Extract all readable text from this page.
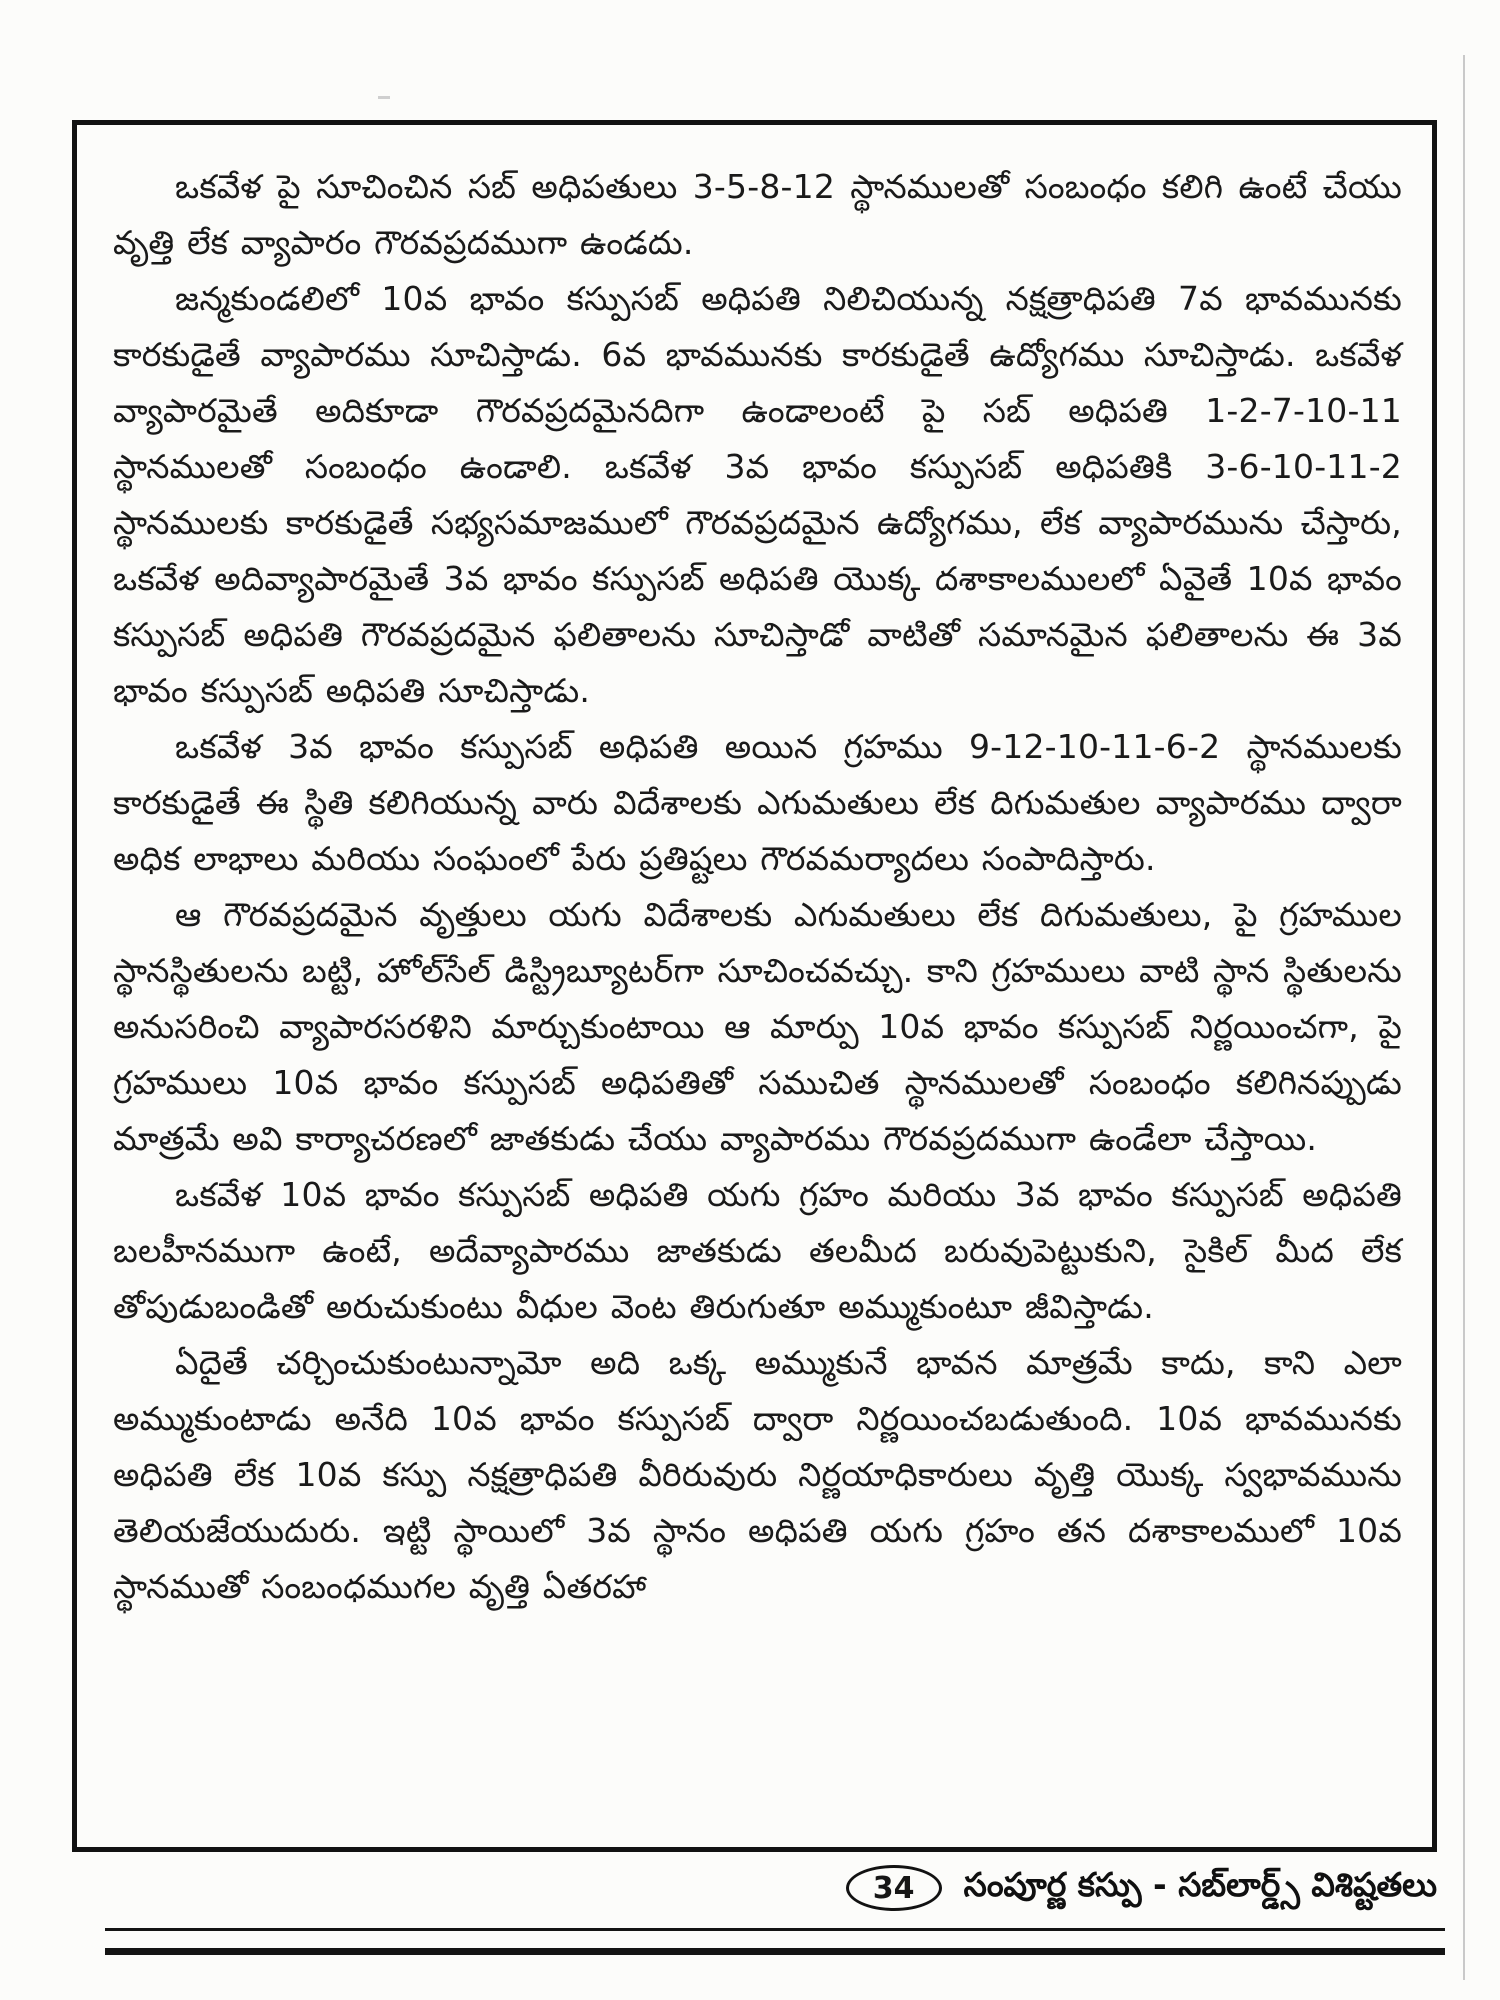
ఒకవేళ పై సూచించిన సబ్ అధిపతులు 3-5-8-12 స్థానములతో సంబంధం కలిగి ఉంటే చేయు వృత్తి లేక వ్యాపారం గౌరవప్రదముగా ఉండదు.

జన్మకుండలిలో 10వ భావం కస్పుసబ్ అధిపతి నిలిచియున్న నక్షత్రాధిపతి 7వ భావమునకు కారకుడైతే వ్యాపారము సూచిస్తాడు. 6వ భావమునకు కారకుడైతే ఉద్యోగము సూచిస్తాడు. ఒకవేళ వ్యాపారమైతే అదికూడా గౌరవప్రదమైనదిగా ఉండాలంటే పై సబ్ అధిపతి 1-2-7-10-11 స్థానములతో సంబంధం ఉండాలి. ఒకవేళ 3వ భావం కస్పుసబ్ అధిపతికి 3-6-10-11-2 స్థానములకు కారకుడైతే సభ్యసమాజములో గౌరవప్రదమైన ఉద్యోగము, లేక వ్యాపారమును చేస్తారు, ఒకవేళ అదివ్యాపారమైతే 3వ భావం కస్పుసబ్ అధిపతి యొక్క దశాకాలములలో ఏవైతే 10వ భావం కస్పుసబ్ అధిపతి గౌరవప్రదమైన ఫలితాలను సూచిస్తాడో వాటితో సమానమైన ఫలితాలను ఈ 3వ భావం కస్పుసబ్ అధిపతి సూచిస్తాడు.

ఒకవేళ 3వ భావం కస్పుసబ్ అధిపతి అయిన గ్రహము 9-12-10-11-6-2 స్థానములకు కారకుడైతే ఈ స్థితి కలిగియున్న వారు విదేశాలకు ఎగుమతులు లేక దిగుమతుల వ్యాపారము ద్వారా అధిక లాభాలు మరియు సంఘంలో పేరు ప్రతిష్టలు గౌరవమర్యాదలు సంపాదిస్తారు.

ఆ గౌరవప్రదమైన వృత్తులు యగు విదేశాలకు ఎగుమతులు లేక దిగుమతులు, పై గ్రహముల స్థానస్థితులను బట్టి, హోల్‌సేల్ డిస్ట్రిబ్యూటర్‌గా సూచించవచ్చు. కాని గ్రహములు వాటి స్థాన స్థితులను అనుసరించి వ్యాపారసరళిని మార్చుకుంటాయి ఆ మార్పు 10వ భావం కస్పుసబ్ నిర్ణయించగా, పై గ్రహములు 10వ భావం కస్పుసబ్ అధిపతితో సముచిత స్థానములతో సంబంధం కలిగినప్పుడు మాత్రమే అవి కార్యాచరణలో జాతకుడు చేయు వ్యాపారము గౌరవప్రదముగా ఉండేలా చేస్తాయి.

ఒకవేళ 10వ భావం కస్పుసబ్ అధిపతి యగు గ్రహం మరియు 3వ భావం కస్పుసబ్ అధిపతి బలహీనముగా ఉంటే, అదేవ్యాపారము జాతకుడు తలమీద బరువుపెట్టుకుని, సైకిల్ మీద లేక తోపుడుబండితో అరుచుకుంటు వీధుల వెంట తిరుగుతూ అమ్ముకుంటూ జీవిస్తాడు.

ఏదైతే చర్చించుకుంటున్నామో అది ఒక్క అమ్ముకునే భావన మాత్రమే కాదు, కాని ఎలా అమ్ముకుంటాడు అనేది 10వ భావం కస్పుసబ్ ద్వారా నిర్ణయించబడుతుంది. 10వ భావమునకు అధిపతి లేక 10వ కస్పు నక్షత్రాధిపతి వీరిరువురు నిర్ణయాధికారులు వృత్తి యొక్క స్వభావమును తెలియజేయుదురు. ఇట్టి స్థాయిలో 3వ స్థానం అధిపతి యగు గ్రహం తన దశాకాలములో 10వ స్థానముతో సంబంధముగల వృత్తి ఏతరహా

34	సంపూర్ణ కస్పు - సబ్‌లార్డ్స్ విశిష్టతలు
